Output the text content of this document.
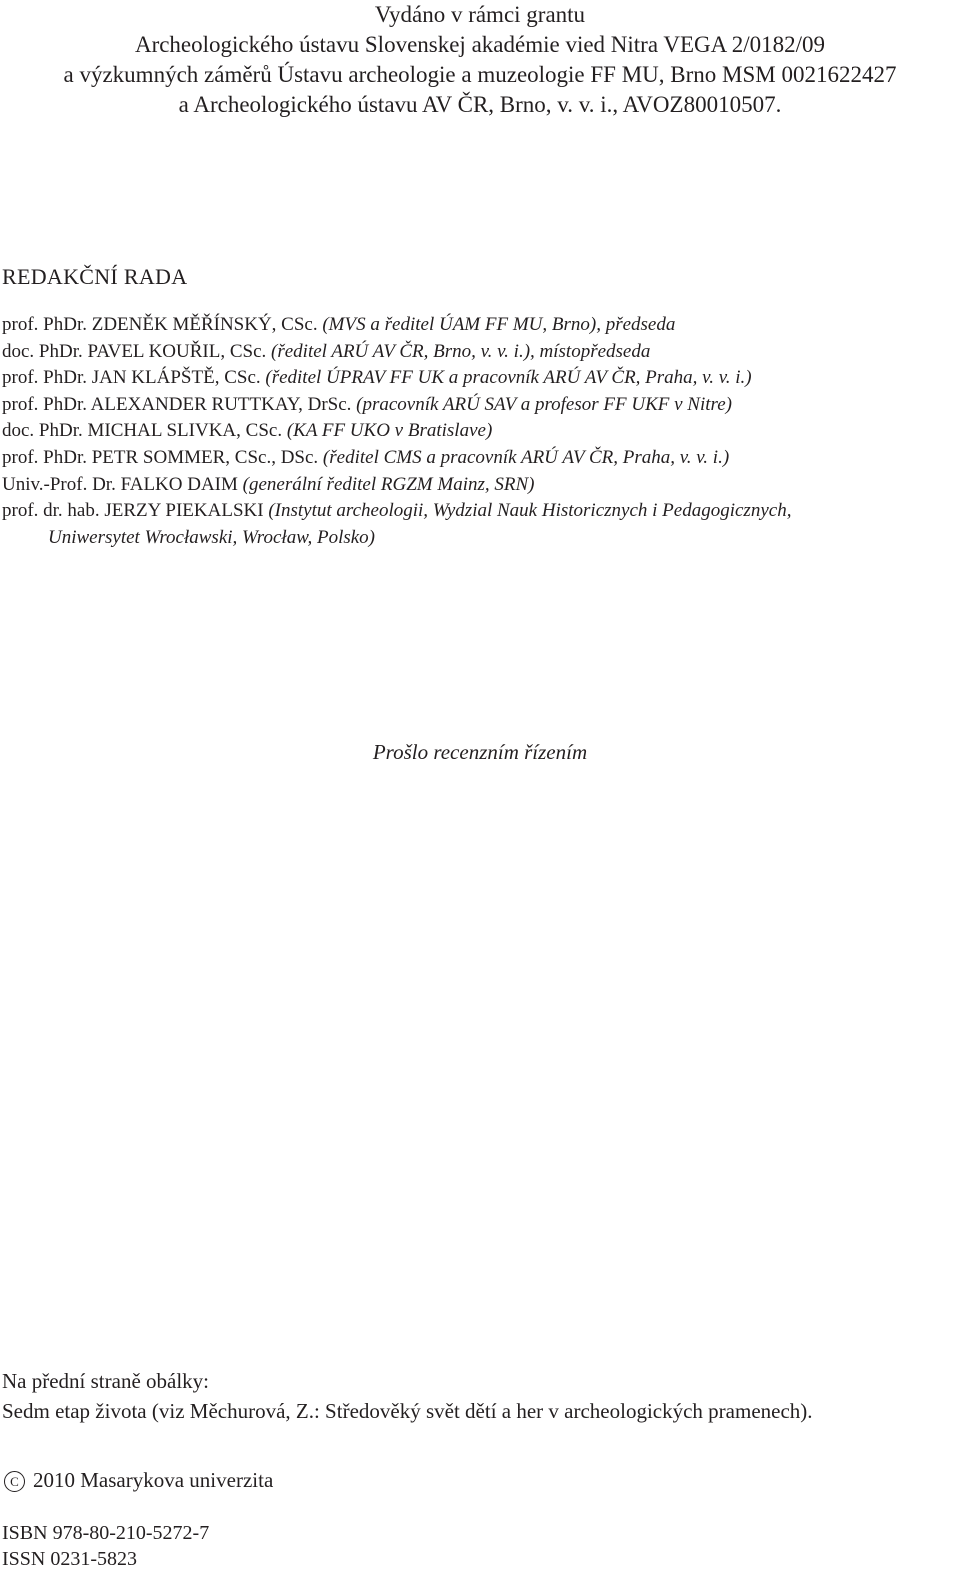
Vydáno v rámci grantu
Archeologického ústavu Slovenskej akadémie vied Nitra VEGA 2/0182/09
a výzkumných záměrů Ústavu archeologie a muzeologie FF MU, Brno MSM 0021622427
a Archeologického ústavu AV ČR, Brno, v. v. i., AVOZ80010507.
REDAKČNÍ RADA
prof. PhDr. ZDENĚK MĚŘÍNSKÝ, CSc. (MVS a ředitel ÚAM FF MU, Brno), předseda
doc. PhDr. PAVEL KOUŘIL, CSc. (ředitel ARÚ AV ČR, Brno, v. v. i.), místopředseda
prof. PhDr. JAN KLÁPŠTĚ, CSc. (ředitel ÚPRAV FF UK a pracovník ARÚ AV ČR, Praha, v. v. i.)
prof. PhDr. ALEXANDER RUTTKAY, DrSc. (pracovník ARÚ SAV a profesor FF UKF v Nitre)
doc. PhDr. MICHAL SLIVKA, CSc. (KA FF UKO v Bratislave)
prof. PhDr. PETR SOMMER, CSc., DSc. (ředitel CMS a pracovník ARÚ AV ČR, Praha, v. v. i.)
Univ.-Prof. Dr. FALKO DAIM (generální ředitel RGZM Mainz, SRN)
prof. dr. hab. JERZY PIEKALSKI (Instytut archeologii, Wydzial Nauk Historicznych i Pedagogicznych,
Uniwersytet Wrocławski, Wrocław, Polsko)
Prošlo recenzním řízením
Na přední straně obálky:
Sedm etap života (viz Měchurová, Z.: Středověký svět dětí a her v archeologických pramenech).
C 2010 Masarykova univerzita
ISBN 978-80-210-5272-7
ISSN 0231-5823
